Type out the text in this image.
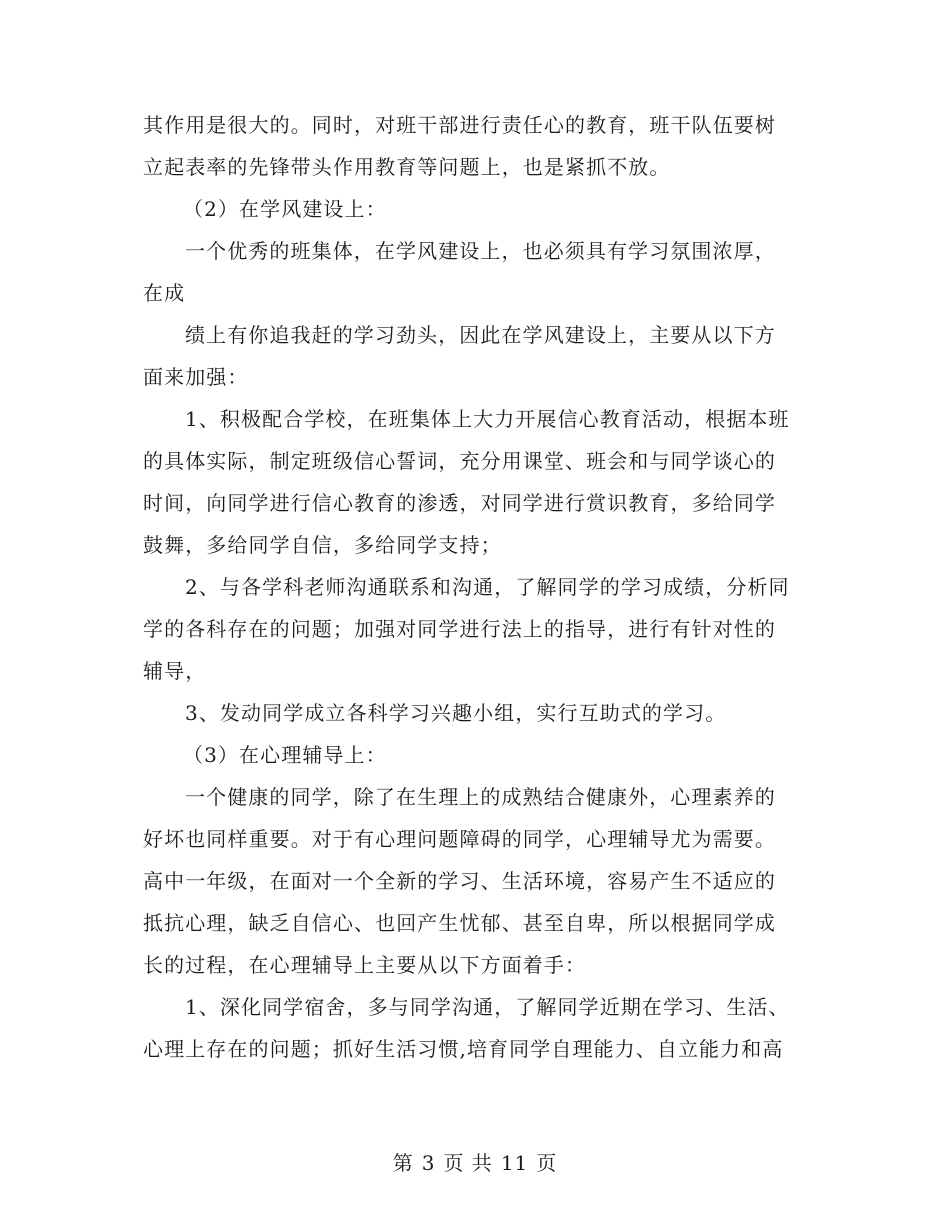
其作用是很大的。同时，对班干部进行责任心的教育，班干队伍要树
立起表率的先锋带头作用教育等问题上，也是紧抓不放。
（2）在学风建设上：
一个优秀的班集体，在学风建设上，也必须具有学习氛围浓厚，
在成
绩上有你追我赶的学习劲头，因此在学风建设上，主要从以下方
面来加强：
1、积极配合学校，在班集体上大力开展信心教育活动，根据本班
的具体实际，制定班级信心誓词，充分用课堂、班会和与同学谈心的
时间，向同学进行信心教育的渗透，对同学进行赏识教育，多给同学
鼓舞，多给同学自信，多给同学支持；
2、与各学科老师沟通联系和沟通，了解同学的学习成绩，分析同
学的各科存在的问题；加强对同学进行法上的指导，进行有针对性的
辅导，
3、发动同学成立各科学习兴趣小组，实行互助式的学习。
（3）在心理辅导上：
一个健康的同学，除了在生理上的成熟结合健康外，心理素养的
好坏也同样重要。对于有心理问题障碍的同学，心理辅导尤为需要。
高中一年级，在面对一个全新的学习、生活环境，容易产生不适应的
抵抗心理，缺乏自信心、也回产生忧郁、甚至自卑，所以根据同学成
长的过程，在心理辅导上主要从以下方面着手：
1、深化同学宿舍，多与同学沟通，了解同学近期在学习、生活、
心理上存在的问题；抓好生活习惯,培育同学自理能力、自立能力和高
第 3 页 共 11 页
